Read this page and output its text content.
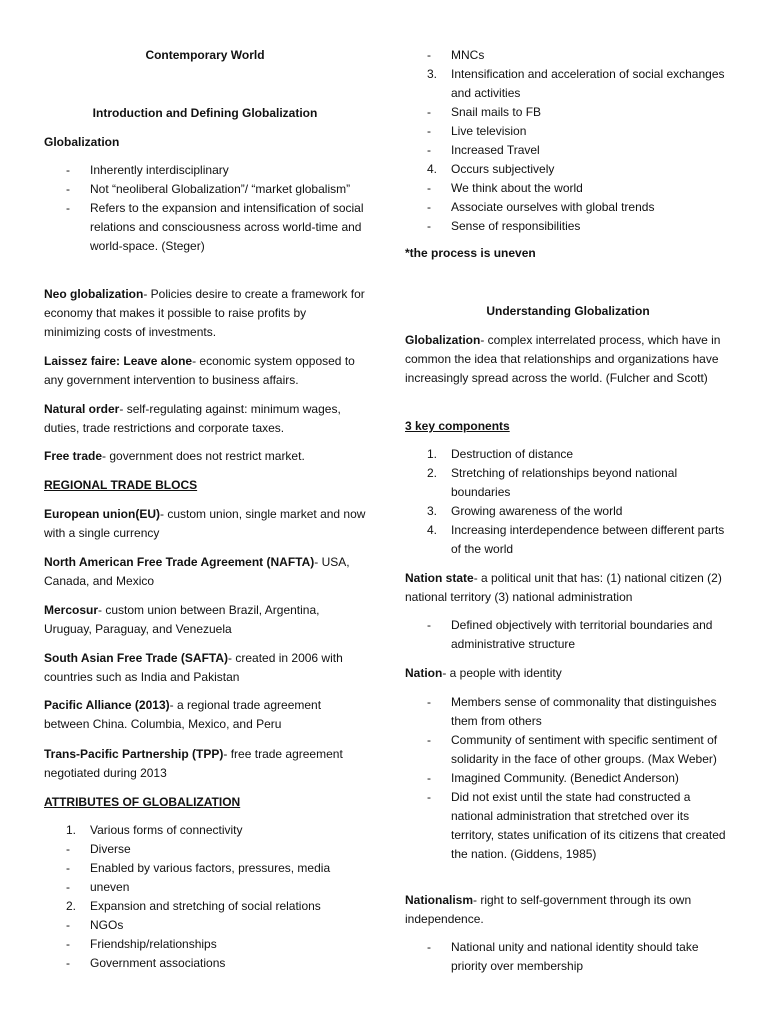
Contemporary World
Introduction and Defining Globalization
Globalization
-	Inherently interdisciplinary
-	Not “neoliberal Globalization”/ “market globalism”
-	Refers to the expansion and intensification of social relations and consciousness across world-time and world-space. (Steger)
Neo globalization- Policies desire to create a framework for economy that makes it possible to raise profits by minimizing costs of investments.
Laissez faire: Leave alone- economic system opposed to any government intervention to business affairs.
Natural order- self-regulating against: minimum wages, duties, trade restrictions and corporate taxes.
Free trade- government does not restrict market.
REGIONAL TRADE BLOCS
European union(EU)- custom union, single market and now with a single currency
North American Free Trade Agreement (NAFTA)- USA, Canada, and Mexico
Mercosur- custom union between Brazil, Argentina, Uruguay, Paraguay, and Venezuela
South Asian Free Trade (SAFTA)- created in 2006 with countries such as India and Pakistan
Pacific Alliance (2013)- a regional trade agreement between China. Columbia, Mexico, and Peru
Trans-Pacific Partnership (TPP)- free trade agreement negotiated during 2013
ATTRIBUTES OF GLOBALIZATION
1.	Various forms of connectivity
-	Diverse
-	Enabled by various factors, pressures, media
-	uneven
2.	Expansion and stretching of social relations
-	NGOs
-	Friendship/relationships
-	Government associations
-	MNCs
3.	Intensification and acceleration of social exchanges and activities
-	Snail mails to FB
-	Live television
-	Increased Travel
4.	Occurs subjectively
-	We think about the world
-	Associate ourselves with global trends
-	Sense of responsibilities
*the process is uneven
Understanding Globalization
Globalization- complex interrelated process, which have in common the idea that relationships and organizations have increasingly spread across the world. (Fulcher and Scott)
3 key components
1.	Destruction of distance
2.	Stretching of relationships beyond national boundaries
3.	Growing awareness of the world
4.	Increasing interdependence between different parts of the world
Nation state- a political unit that has: (1) national citizen (2) national territory (3) national administration
-	Defined objectively with territorial boundaries and administrative structure
Nation- a people with identity
-	Members sense of commonality that distinguishes them from others
-	Community of sentiment with specific sentiment of solidarity in the face of other groups. (Max Weber)
-	Imagined Community. (Benedict Anderson)
-	Did not exist until the state had constructed a national administration that stretched over its territory, states unification of its citizens that created the nation. (Giddens, 1985)
Nationalism- right to self-government through its own independence.
-	National unity and national identity should take priority over membership
